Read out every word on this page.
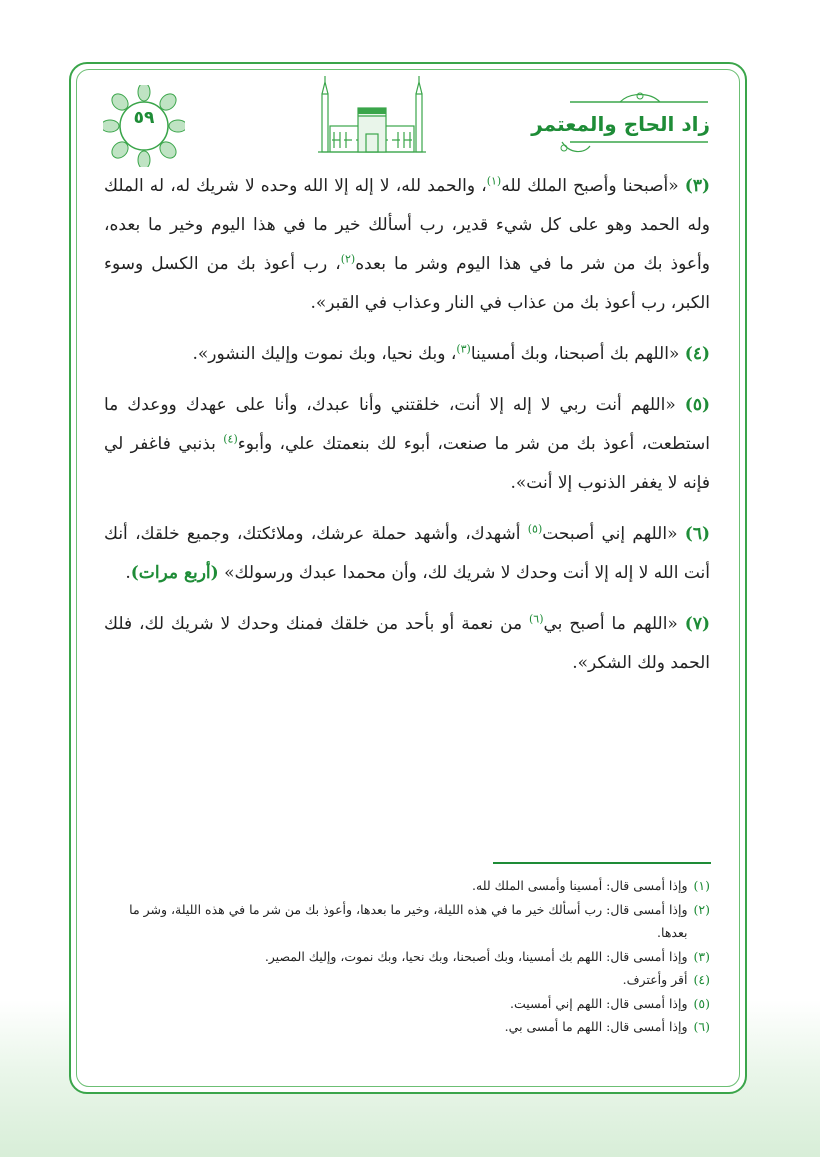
زاد الحاج والمعتمر
٥٩

(٣) «أصبحنا وأصبح الملك لله$^{(١)}$، والحمد لله، لا إله إلا الله وحده لا شريك له، له الملك وله الحمد وهو على كل شيء قدير، رب أسألك خير ما في هذا اليوم وخير ما بعده، وأعوذ بك من شر ما في هذا اليوم وشر ما بعده$^{(٢)}$، رب أعوذ بك من الكسل وسوء الكبر، رب أعوذ بك من عذاب في النار وعذاب في القبر».

(٤) «اللهم بك أصبحنا، وبك أمسينا$^{(٣)}$، وبك نحيا، وبك نموت وإليك النشور».

(٥) «اللهم أنت ربي لا إله إلا أنت، خلقتني وأنا عبدك، وأنا على عهدك ووعدك ما استطعت، أعوذ بك من شر ما صنعت، أبوء لك بنعمتك علي، وأبوء$^{(٤)}$ بذنبي فاغفر لي فإنه لا يغفر الذنوب إلا أنت».

(٦) «اللهم إني أصبحت$^{(٥)}$ أشهدك، وأشهد حملة عرشك، وملائكتك، وجميع خلقك، أنك أنت الله لا إله إلا أنت وحدك لا شريك لك، وأن محمدا عبدك ورسولك» (أربع مرات).

(٧) «اللهم ما أصبح بي$^{(٦)}$ من نعمة أو بأحد من خلقك فمنك وحدك لا شريك لك، فلك الحمد ولك الشكر».

(١)
وإذا أمسى قال: أمسينا وأمسى الملك لله.
(٢)
وإذا أمسى قال: رب أسألك خير ما في هذه الليلة، وخير ما بعدها، وأعوذ بك من شر ما في هذه الليلة، وشر ما بعدها.
(٣)
وإذا أمسى قال: اللهم بك أمسينا، وبك أصبحنا، وبك نحيا، وبك نموت، وإليك المصير.
(٤)
أقر وأعترف.
(٥)
وإذا أمسى قال: اللهم إني أمسيت.
(٦)
وإذا أمسى قال: اللهم ما أمسى بي.
